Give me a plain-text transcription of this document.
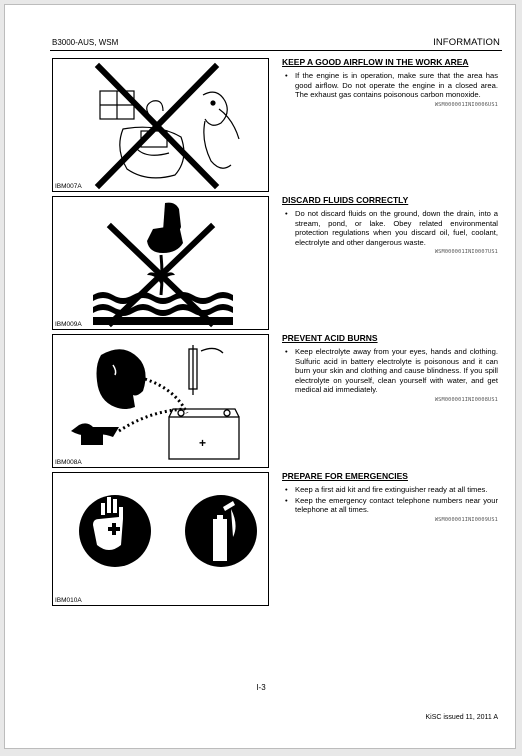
B3000-AUS, WSM	INFORMATION
IBM007A
IBM009A
+
IBM008A
IBM010A
KEEP A GOOD AIRFLOW IN THE WORK AREA
• If the engine is in operation, make sure that the area has good airflow. Do not operate the engine in a closed area. The exhaust gas contains poisonous carbon monoxide.
WSM000001INI0006US1
DISCARD FLUIDS CORRECTLY
• Do not discard fluids on the ground, down the drain, into a stream, pond, or lake. Obey related environmental protection regulations when you discard oil, fuel, coolant, electrolyte and other dangerous waste.
WSM000001INI0007US1
PREVENT ACID BURNS
• Keep electrolyte away from your eyes, hands and clothing. Sulfuric acid in battery electrolyte is poisonous and it can burn your skin and clothing and cause blindness. If you spill electrolyte on yourself, clean yourself with water, and get medical aid immediately.
WSM000001INI0008US1
PREPARE FOR EMERGENCIES
• Keep a first aid kit and fire extinguisher ready at all times.
• Keep the emergency contact telephone numbers near your telephone at all times.
WSM000001INI0009US1
I-3
KiSC issued 11, 2011 A
